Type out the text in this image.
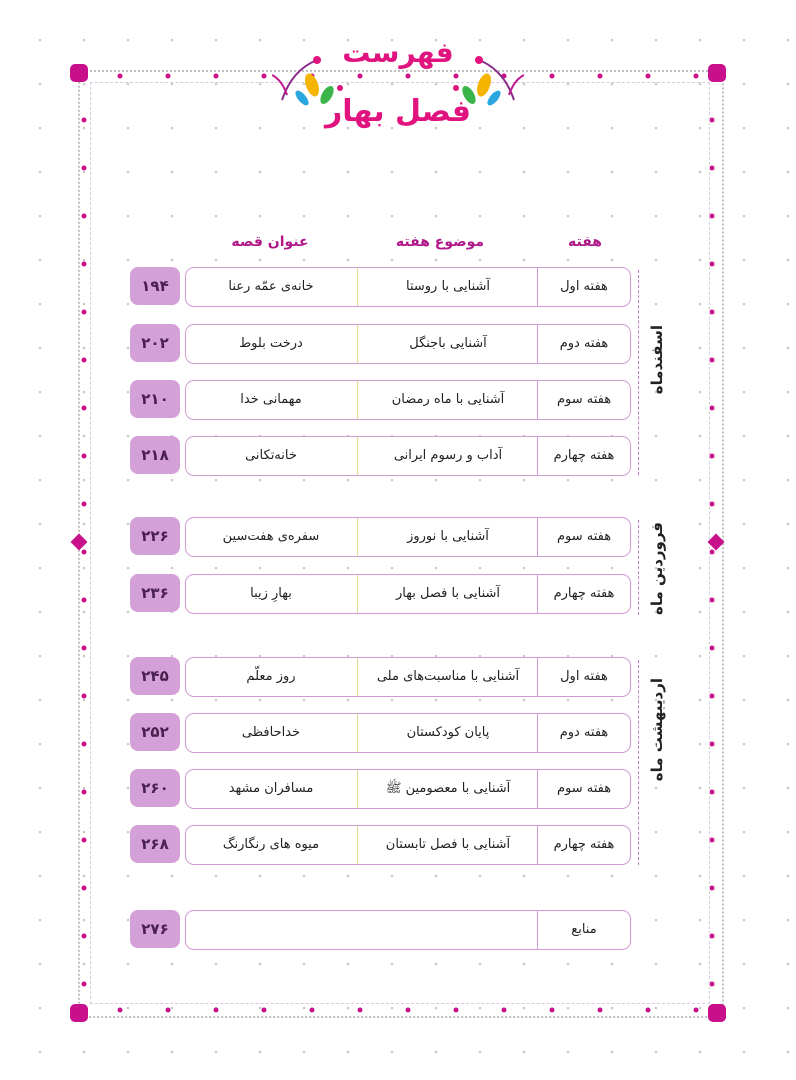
فهرست
فصل بهار
هفته
موضوع هفته
عنوان قصه
اسفندماه
فروردین ماه
اردیبهشت ماه
هفته اول
آشنایی با روستا
خانه‌ی عمّه رعنا
۱۹۴
هفته دوم
آشنایی باجنگل
درخت بلوط
۲۰۲
هفته سوم
آشنایی با ماه رمضان
مهمانی خدا
۲۱۰
هفته چهارم
آداب و رسوم ایرانی
خانه‌تکانی
۲۱۸
هفته سوم
آشنایی با نوروز
سفره‌ی هفت‌سین
۲۲۶
هفته چهارم
آشنایی با فصل بهار
بهارِ زیبا
۲۳۶
هفته اول
آشنایی با مناسبت‌های ملی
روز معلّم
۲۴۵
هفته دوم
پایان کودکستان
خداحافظی
۲۵۲
هفته سوم
آشنایی با معصومین ﷺ
مسافران مشهد
۲۶۰
هفته چهارم
آشنایی با فصل تابستان
میوه های رنگارنگ
۲۶۸
منابع
۲۷۶
